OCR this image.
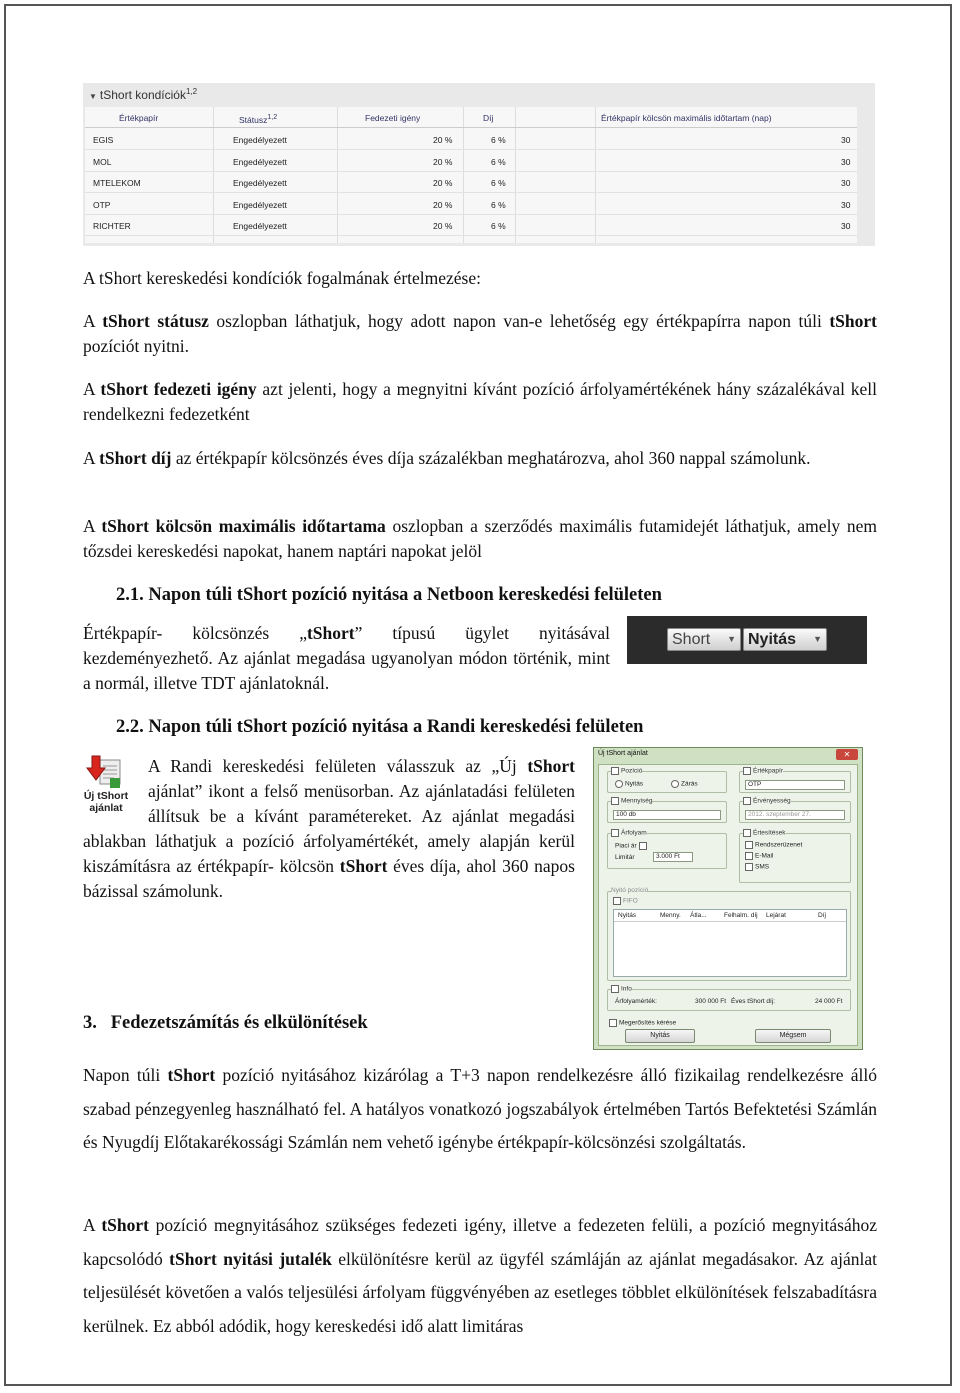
▼ tShort kondíciók$^{1,2}$
Értékpapír	Státusz$^{1,2}$	Fedezeti igény	Díj	Értékpapír kölcsön maximális időtartam (nap)
EGIS	Engedélyezett	20 %	6 %	30
MOL	Engedélyezett	20 %	6 %	30
MTELEKOM	Engedélyezett	20 %	6 %	30
OTP	Engedélyezett	20 %	6 %	30
RICHTER	Engedélyezett	20 %	6 %	30
A tShort kereskedési kondíciók fogalmának értelmezése:
A tShort státusz oszlopban láthatjuk, hogy adott napon van-e lehetőség egy értékpapírra napon túli tShort pozíciót nyitni.
A tShort fedezeti igény azt jelenti, hogy a megnyitni kívánt pozíció árfolyamértékének hány százalékával kell rendelkezni fedezetként
A tShort díj az értékpapír kölcsönzés éves díja százalékban meghatározva, ahol 360 nappal számolunk.
A tShort kölcsön maximális időtartama oszlopban a szerződés maximális futamidejét láthatjuk, amely nem tőzsdei kereskedési napokat, hanem naptári napokat jelöl
2.1. Napon túli tShort pozíció nyitása a Netboon kereskedési felületen
Értékpapír- kölcsönzés „tShort” típusú ügylet nyitásával kezdeményezhető. Az ajánlat megadása ugyanolyan módon történik, mint a normál, illetve TDT ajánlatoknál.
Short ▼ Nyitás ▼
2.2. Napon túli tShort pozíció nyitása a Randi kereskedési felületen
Új tShort ajánlat
A Randi kereskedési felületen válasszuk az „Új tShort ajánlat” ikont a felső menüsorban. Az ajánlatadási felületen állítsuk be a kívánt paramétereket. Az ajánlat megadási ablakban láthatjuk a pozíció árfolyamértékét, amely alapján kerül kiszámításra az értékpapír- kölcsön tShort éves díja, ahol 360 napos bázissal számolunk.
Új tShort ajánlat	✕
Pozíció
Nyitás	Zárás
Értékpapír
OTP
Mennyiség
100 db
Érvényesség
2012. szeptember 27.
Árfolyam
Piaci ár
Limitár	3.000 Ft
Értesítések
Rendszerüzenet
E-Mail
SMS
Nyitó pozíció
FIFO
Nyitás	Menny. Átla...	Felhalm. díj Lejárat	Díj
Info
Árfolyamérték:	300 000 Ft Éves tShort díj:	24 000 Ft
Megerősítés kérése
Nyitás	Mégsem
3.   Fedezetszámítás és elkülönítések
Napon túli tShort pozíció nyitásához kizárólag a T+3 napon rendelkezésre álló fizikailag rendelkezésre álló szabad pénzegyenleg használható fel. A hatályos vonatkozó jogszabályok értelmében Tartós Befektetési Számlán és Nyugdíj Előtakarékossági Számlán nem vehető igénybe értékpapír-kölcsönzési szolgáltatás.
A tShort pozíció megnyitásához szükséges fedezeti igény, illetve a fedezeten felüli, a pozíció megnyitásához kapcsolódó tShort nyitási jutalék elkülönítésre kerül az ügyfél számláján az ajánlat megadásakor. Az ajánlat teljesülését követően a valós teljesülési árfolyam függvényében az esetleges többlet elkülönítések felszabadításra kerülnek. Ez abból adódik, hogy kereskedési idő alatt limitáras
